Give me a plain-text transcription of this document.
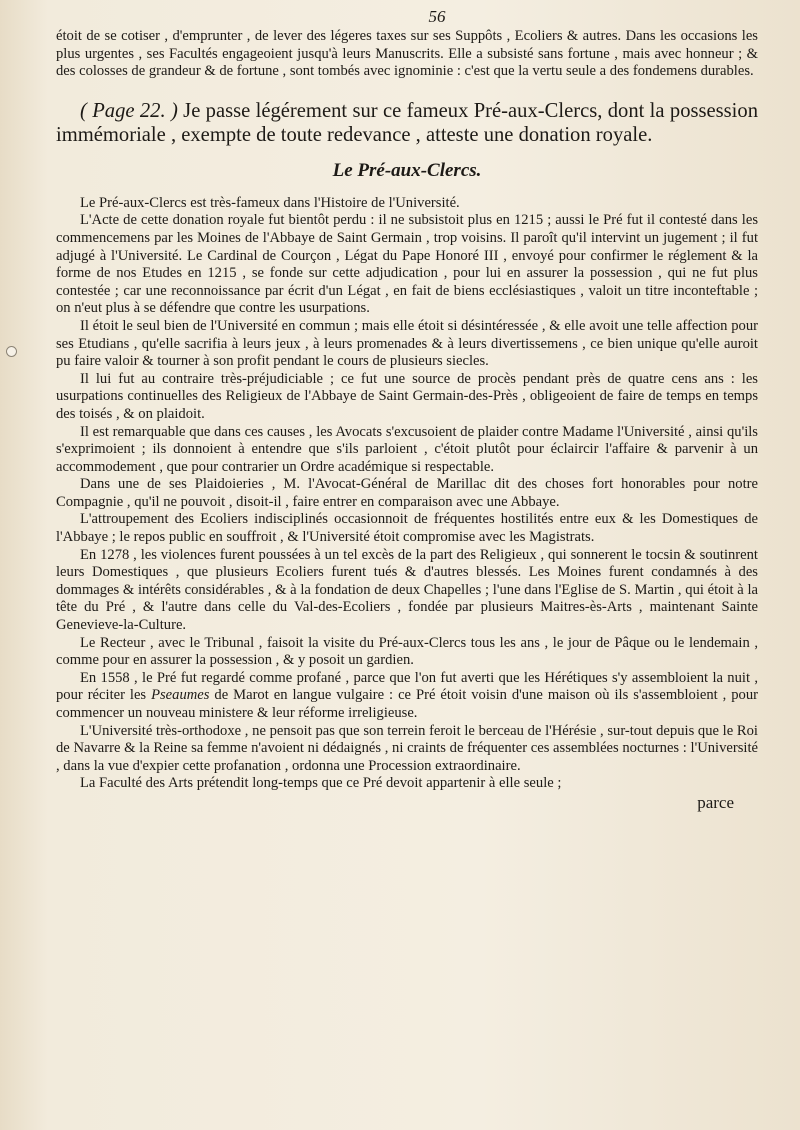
56

étoit de se cotiser , d'emprunter , de lever des légeres taxes sur ses Suppôts , Ecoliers & autres. Dans les occasions les plus urgentes , ses Facultés engageoient jusqu'à leurs Manuscrits. Elle a subsisté sans fortune , mais avec honneur ; & des colosses de grandeur & de fortune , sont tombés avec ignominie : c'est que la vertu seule a des fondemens durables.

( Page 22. ) Je passe légérement sur ce fameux Pré-aux-Clercs, dont la possession immémoriale , exempte de toute redevance , atteste une donation royale.

Le Pré-aux-Clercs.

Le Pré-aux-Clercs est très-fameux dans l'Histoire de l'Université.

L'Acte de cette donation royale fut bientôt perdu : il ne subsistoit plus en 1215 ; aussi le Pré fut il contesté dans les commencemens par les Moines de l'Abbaye de Saint Germain , trop voisins. Il paroît qu'il intervint un jugement ; il fut adjugé à l'Université. Le Cardinal de Courçon , Légat du Pape Honoré III , envoyé pour confirmer le réglement & la forme de nos Etudes en 1215 , se fonde sur cette adjudication , pour lui en assurer la possession , qui ne fut plus contestée ; car une reconnoissance par écrit d'un Légat , en fait de biens ecclésiastiques , valoit un titre inconteftable ; on n'eut plus à se défendre que contre les usurpations.

Il étoit le seul bien de l'Université en commun ; mais elle étoit si désintéressée , & elle avoit une telle affection pour ses Etudians , qu'elle sacrifia à leurs jeux , à leurs promenades & à leurs divertissemens , ce bien unique qu'elle auroit pu faire valoir & tourner à son profit pendant le cours de plusieurs siecles.

Il lui fut au contraire très-préjudiciable ; ce fut une source de procès pendant près de quatre cens ans : les usurpations continuelles des Religieux de l'Abbaye de Saint Germain-des-Près , obligeoient de faire de temps en temps des toisés , & on plaidoit.

Il est remarquable que dans ces causes , les Avocats s'excusoient de plaider contre Madame l'Université , ainsi qu'ils s'exprimoient ; ils donnoient à entendre que s'ils parloient , c'étoit plutôt pour éclaircir l'affaire & parvenir à un accommodement , que pour contrarier un Ordre académique si respectable.

Dans une de ses Plaidoieries , M. l'Avocat-Général de Marillac dit des choses fort honorables pour notre Compagnie , qu'il ne pouvoit , disoit-il , faire entrer en comparaison avec une Abbaye.

L'attroupement des Ecoliers indisciplinés occasionnoit de fréquentes hostilités entre eux & les Domestiques de l'Abbaye ; le repos public en souffroit , & l'Université étoit compromise avec les Magistrats.

En 1278 , les violences furent poussées à un tel excès de la part des Religieux , qui sonnerent le tocsin & soutinrent leurs Domestiques , que plusieurs Ecoliers furent tués & d'autres blessés. Les Moines furent condamnés à des dommages & intérêts considérables , & à la fondation de deux Chapelles ; l'une dans l'Eglise de S. Martin , qui étoit à la tête du Pré , & l'autre dans celle du Val-des-Ecoliers , fondée par plusieurs Maitres-ès-Arts , maintenant Sainte Genevieve-la-Culture.

Le Recteur , avec le Tribunal , faisoit la visite du Pré-aux-Clercs tous les ans , le jour de Pâque ou le lendemain , comme pour en assurer la possession , & y posoit un gardien.

En 1558 , le Pré fut regardé comme profané , parce que l'on fut averti que les Hérétiques s'y assembloient la nuit , pour réciter les Pseaumes de Marot en langue vulgaire : ce Pré étoit voisin d'une maison où ils s'assembloient , pour commencer un nouveau ministere & leur réforme irreligieuse.

L'Université très-orthodoxe , ne pensoit pas que son terrein feroit le berceau de l'Hérésie , sur-tout depuis que le Roi de Navarre & la Reine sa femme n'avoient ni dédaignés , ni craints de fréquenter ces assemblées nocturnes : l'Université , dans la vue d'expier cette profanation , ordonna une Procession extraordinaire.

La Faculté des Arts prétendit long-temps que ce Pré devoit appartenir à elle seule ;

parce
